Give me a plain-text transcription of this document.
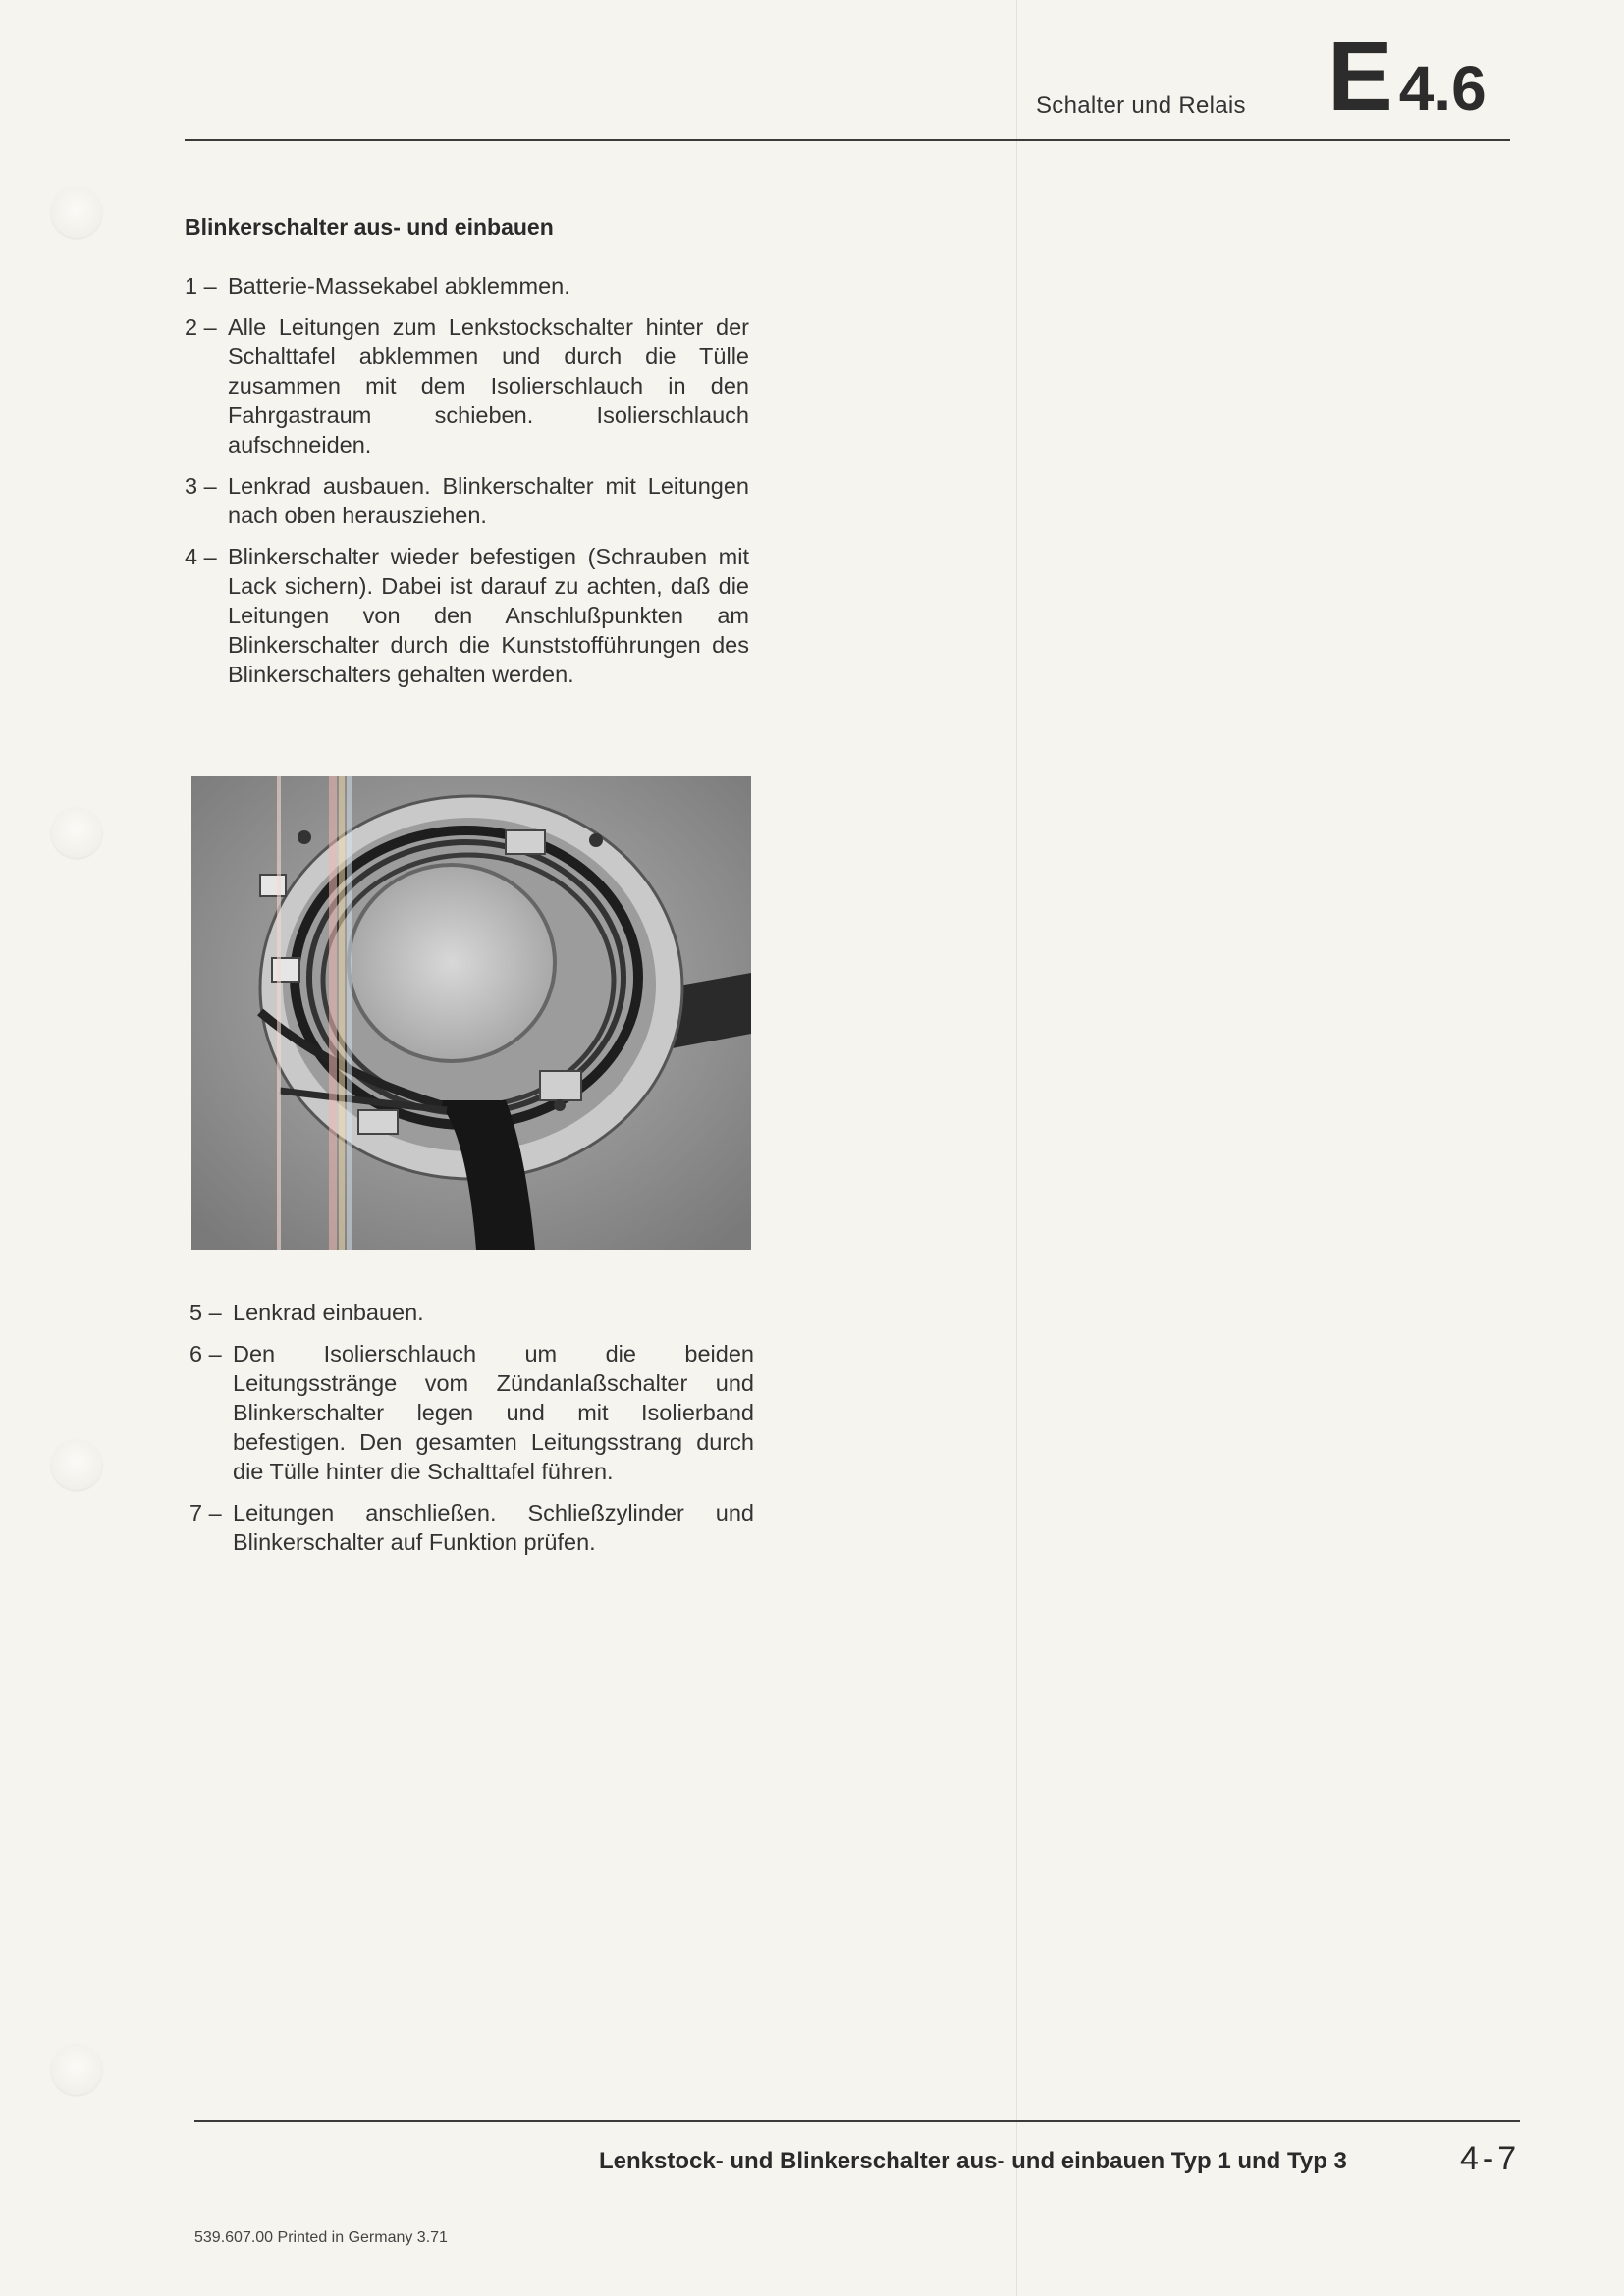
Schalter und Relais E4.6
Blinkerschalter aus- und einbauen
1 – Batterie-Massekabel abklemmen.
2 – Alle Leitungen zum Lenkstockschalter hinter der Schalttafel abklemmen und durch die Tülle zusammen mit dem Isolierschlauch in den Fahrgastraum schieben. Isolierschlauch aufschneiden.
3 – Lenkrad ausbauen. Blinkerschalter mit Leitungen nach oben herausziehen.
4 – Blinkerschalter wieder befestigen (Schrauben mit Lack sichern). Dabei ist darauf zu achten, daß die Leitungen von den Anschlußpunkten am Blinkerschalter durch die Kunststofführungen des Blinkerschalters gehalten werden.
5 – Lenkrad einbauen.
6 – Den Isolierschlauch um die beiden Leitungsstränge vom Zündanlaßschalter und Blinkerschalter legen und mit Isolierband befestigen. Den gesamten Leitungsstrang durch die Tülle hinter die Schalttafel führen.
7 – Leitungen anschließen. Schließzylinder und Blinkerschalter auf Funktion prüfen.
Lenkstock- und Blinkerschalter aus- und einbauen Typ 1 und Typ 3	4-7
539.607.00 Printed in Germany 3.71
